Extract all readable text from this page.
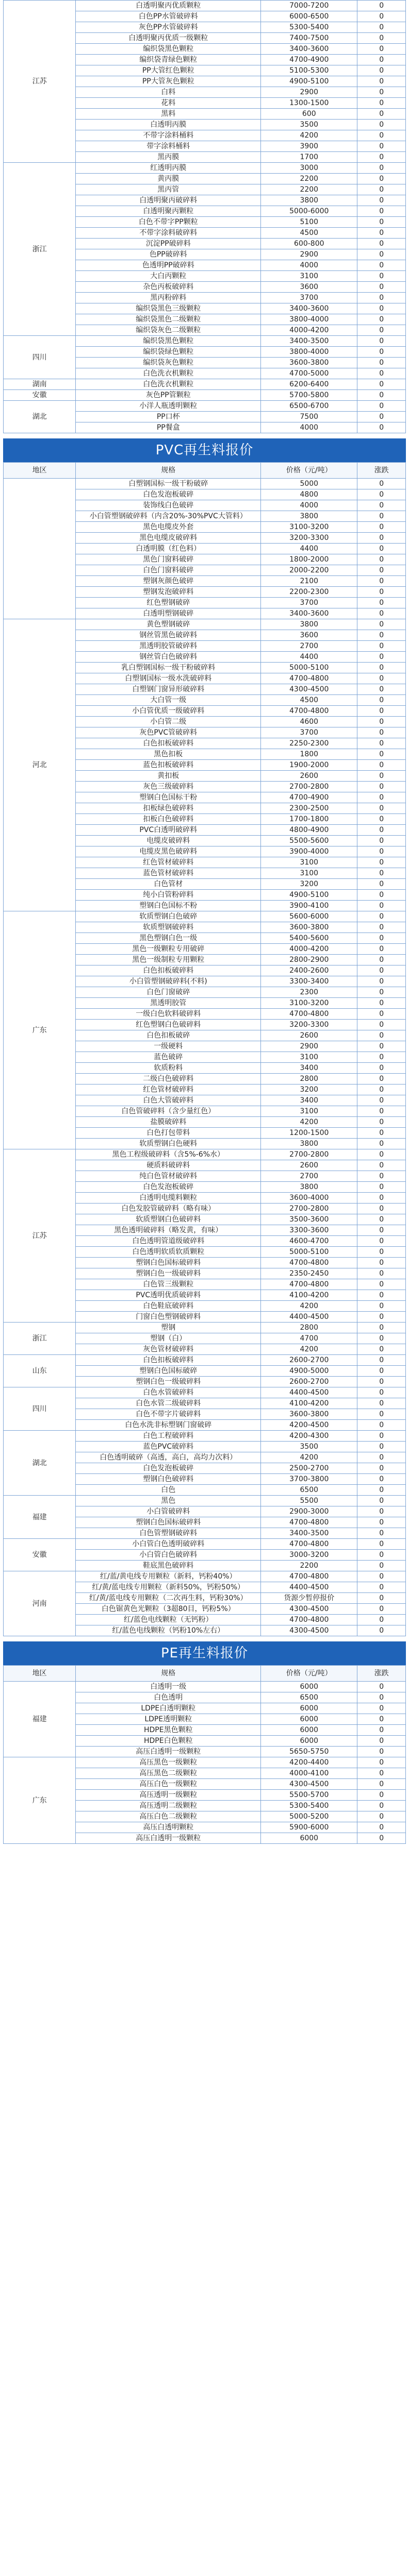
江苏	白透明聚丙优质颗粒	7000-7200	0
	白色PP水管破碎料	6000-6500	0
	灰色PP水管破碎料	5300-5400	0
	白透明聚丙优质一级颗粒	7400-7500	0
	编织袋黑色颗粒	3400-3600	0
	编织袋青绿色颗粒	4700-4900	0
	PP大管红色颗粒	5100-5300	0
	PP大管灰色颗粒	4900-5100	0
	白料	2900	0
	花料	1300-1500	0
	黑料	600	0
	白透明丙膜	3500	0
	不带字涂料桶料	4200	0
	带字涂料桶料	3900	0
	黑丙膜	1700	0
浙江	红透明丙膜	3000	0
	黄丙膜	2200	0
	黑丙管	2200	0
	白透明聚丙破碎料	3800	0
	白透明聚丙颗粒	5000-6000	0
	白色不带字PP颗粒	5100	0
	不带字涂料破碎料	4500	0
	沉淀PP破碎料	600-800	0
	色PP破碎料	2900	0
	色透明PP破碎料	4000	0
	大白丙颗粒	3100	0
	杂色丙板破碎料	3600	0
	黑丙粉碎料	3700	0
	编织袋黑色三级颗粒	3400-3600	0
	编织袋黑色二级颗粒	3800-4000	0
	编织袋灰色二级颗粒	4000-4200	0
四川	编织袋黑色颗粒	3400-3500	0
	编织袋绿色颗粒	3800-4000	0
	编织袋灰色颗粒	3600-3800	0
	白色洗衣机颗粒	4700-5000	0
湖南	白色洗衣机颗粒	6200-6400	0
安徽	灰色PP管颗粒	5700-5800	0
湖北	小洋人瓶透明颗粒	6500-6700	0
	PP口杯	7500	0
	PP餐盒	4000	0
PVC再生料报价
地区	规格	价格（元/吨）	涨跌
	白塑钢国标一级干粉破碎	5000	0
	白色发泡板破碎	4800	0
	装饰线白色破碎	4000	0
	小白管塑钢破碎料（内含20%-30%PVC大管料）	3800	0
	黑色电缆皮外套	3100-3200	0
	黑色电缆皮破碎料	3200-3300	0
	白透明膜（红色料）	4400	0
	黑色门窗料破碎	1800-2000	0
	白色门窗料破碎	2000-2200	0
	塑钢灰颜色破碎	2100	0
	塑钢发泡破碎料	2200-2300	0
	红色塑钢破碎	3700	0
	白透明塑钢破碎	3400-3600	0
河北	黄色塑钢破碎	3800	0
	钢丝管黑色破碎料	3600	0
	黑透明胶管破碎料	2700	0
	钢丝管白色破碎料	4400	0
	乳白塑钢国标一级干粉破碎料	5000-5100	0
	白塑钢国标一级水洗破碎料	4700-4800	0
	白塑钢门窗异形破碎料	4300-4500	0
	大白管一级	4500	0
	小白管优质一级破碎料	4700-4800	0
	小白管二级	4600	0
	灰色PVC管破碎料	3700	0
	白色扣板破碎料	2250-2300	0
	黑色扣板	1800	0
	蓝色扣板破碎料	1900-2000	0
	黄扣板	2600	0
	灰色三级破碎料	2700-2800	0
	塑钢白色国标干粉	4700-4900	0
	扣板绿色破碎料	2300-2500	0
	扣板白色破碎料	1700-1800	0
	PVC白透明破碎料	4800-4900	0
	电缆皮破碎料	5500-5600	0
	电缆皮黑色破碎料	3900-4000	0
	红色管材破碎料	3100	0
	蓝色管材破碎料	3100	0
	白色管材	3200	0
	纯小白管粉碎料	4900-5100	0
	塑钢白色国标不粉	3900-4100	0
广东	软质塑钢白色破碎	5600-6000	0
	软质塑钢破碎料	3600-3800	0
	黑色塑钢白色一级	5400-5600	0
	黑色一级颗粒专用破碎	4000-4200	0
	黑色一级制粒专用颗粒	2800-2900	0
	白色扣板破碎料	2400-2600	0
	小白管塑钢破碎料(不料)	3300-3400	0
	白色门窗破碎	2300	0
	黑透明胶管	3100-3200	0
	一级白色软料破碎料	4700-4800	0
	红色塑钢白色破碎料	3200-3300	0
	白色扣板破碎	2600	0
	一级硬料	2900	0
	蓝色破碎	3100	0
	软质粉料	3400	0
	二级白色破碎料	2800	0
	红色管材破碎料	3200	0
	白色大管破碎料	3400	0
	白色管破碎料（含少量红色）	3100	0
	盐膜破碎料	4200	0
	白色打包带料	1200-1500	0
	软质塑钢白色硬料	3800	0
江苏	黑色工程级破碎料（含5%-6%水）	2700-2800	0
	硬质料破碎料	2600	0
	纯白色管材破碎料	2700	0
	白色发泡板破碎	3800	0
	白透明电缆料颗粒	3600-4000	0
	白色发胶管破碎料（略有味）	2700-2800	0
	软质塑钢白色破碎料	3500-3600	0
	黑色透明破碎料（略发黄，有味）	3300-3600	0
	白色透明管道级破碎料	4600-4700	0
	白色透明软质软质颗粒	5000-5100	0
	塑钢白色国标破碎料	4700-4800	0
	塑钢白色一级破碎料	2350-2450	0
	白色管三级颗粒	4700-4800	0
	PVC透明优质破碎料	4100-4200	0
	白色鞋底破碎料	4200	0
	门窗白色塑钢破碎料	4400-4500	0
浙江	塑钢	2800	0
	塑钢（白）	4700	0
	灰色管材破碎料	4200	0
山东	白色扣板破碎料	2600-2700	0
	塑钢白色国标破碎	4900-5000	0
	塑钢白色一级破碎料	2600-2700	0
四川	白色水管破碎料	4400-4500	0
	白色水管二级破碎料	4100-4200	0
	白色不带字片破碎料	3600-3800	0
	白色水洗非标塑钢门窗破碎	4200-4500	0
湖北	白色工程破碎料	4200-4300	0
	蓝色PVC破碎料	3500	0
	白色透明破碎（高透，高白，高均力次料）	4200	0
	白色发泡板破碎	2500-2700	0
	塑钢白色破碎料	3700-3800	0
	白色	6500	0
福建	黑色	5500	0
	小白管破碎料	2900-3000	0
	塑钢白色国标破碎料	4700-4800	0
	白色管塑钢破碎料	3400-3500	0
安徽	小白管白色透明破碎料	4700-4800	0
	小白管白色破碎料	3000-3200	0
	鞋底黑色破碎料	2200	0
河南	红/蓝/黄电线专用颗粒（新料，钙粉40%）	4700-4800	0
	红/黄/蓝电线专用颗粒（新料50%，钙粉50%）	4400-4500	0
	红/黄/蓝电线专用颗粒（二次再生料，钙粉30%）	货源少暂停报价	0
	白色锯黄色光颗粒（3超80目，钙粉5%）	4300-4500	0
	红/蓝色电线颗粒（无钙粉）	4700-4800	0
	红/蓝色电线颗粒（钙粉10%左右）	4300-4500	0
PE再生料报价
地区	规格	价格（元/吨）	涨跌
福建	白透明一级	6000	0
	白色透明	6500	0
	LDPE白透明颗粒	6000	0
	LDPE透明颗粒	6000	0
	HDPE黑色颗粒	6000	0
	HDPE白色颗粒	6000	0
	高压白透明一级颗粒	5650-5750	0
广东	高压黑色一级颗粒	4200-4400	0
	高压黑色二级颗粒	4000-4100	0
	高压白色一级颗粒	4300-4500	0
	高压透明一级颗粒	5500-5700	0
	高压透明二级颗粒	5300-5400	0
	高压白色二级颗粒	5000-5200	0
	高压白透明颗粒	5900-6000	0
	高压白透明一级颗粒	6000	0
